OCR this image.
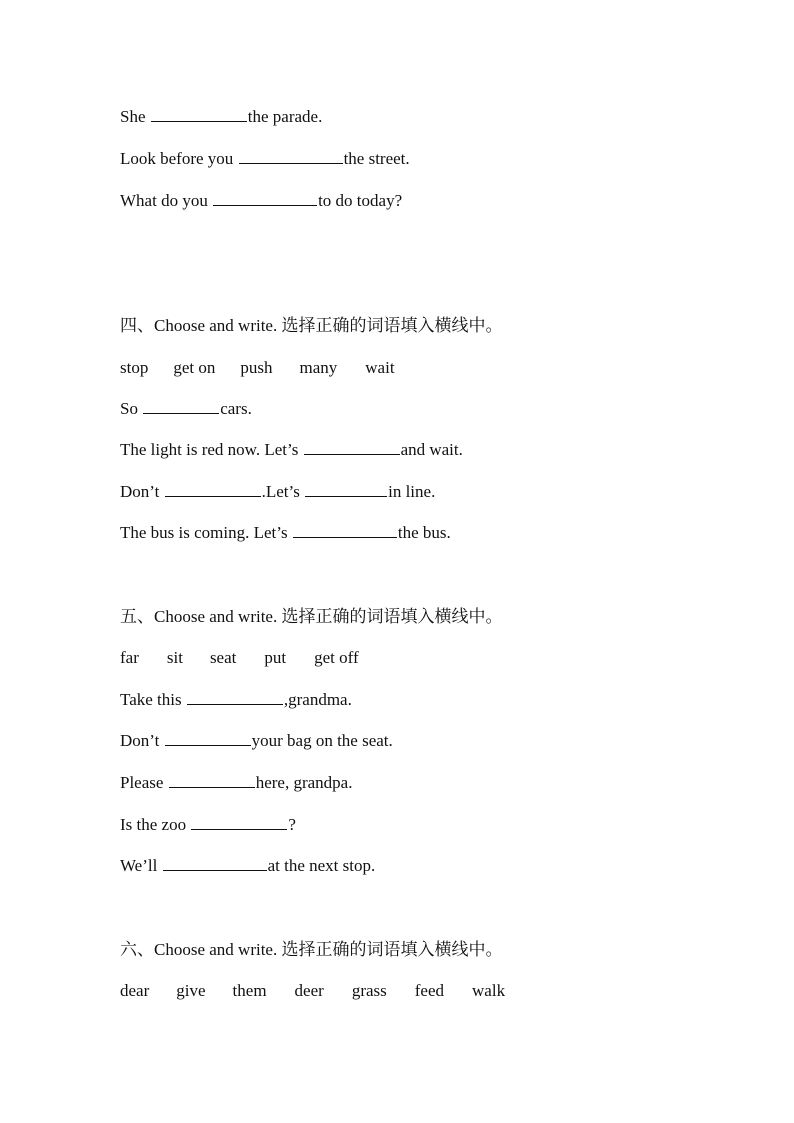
She	the parade.
Look before you	the street.
What do you	to do today?
四、Choose and write. 选择正确的词语填入横线中。
stop get on push many wait
So	cars.
The light is red now. Let’s	and wait.
Don’t	.Let’s	in line.
The bus is coming. Let’s	the bus.
五、Choose and write. 选择正确的词语填入横线中。
far sit seat put get off
Take this	,grandma.
Don’t	your bag on the seat.
Please	here, grandpa.
Is the zoo	?
We’ll	at the next stop.
六、Choose and write. 选择正确的词语填入横线中。
dear give them deer grass feed walk
